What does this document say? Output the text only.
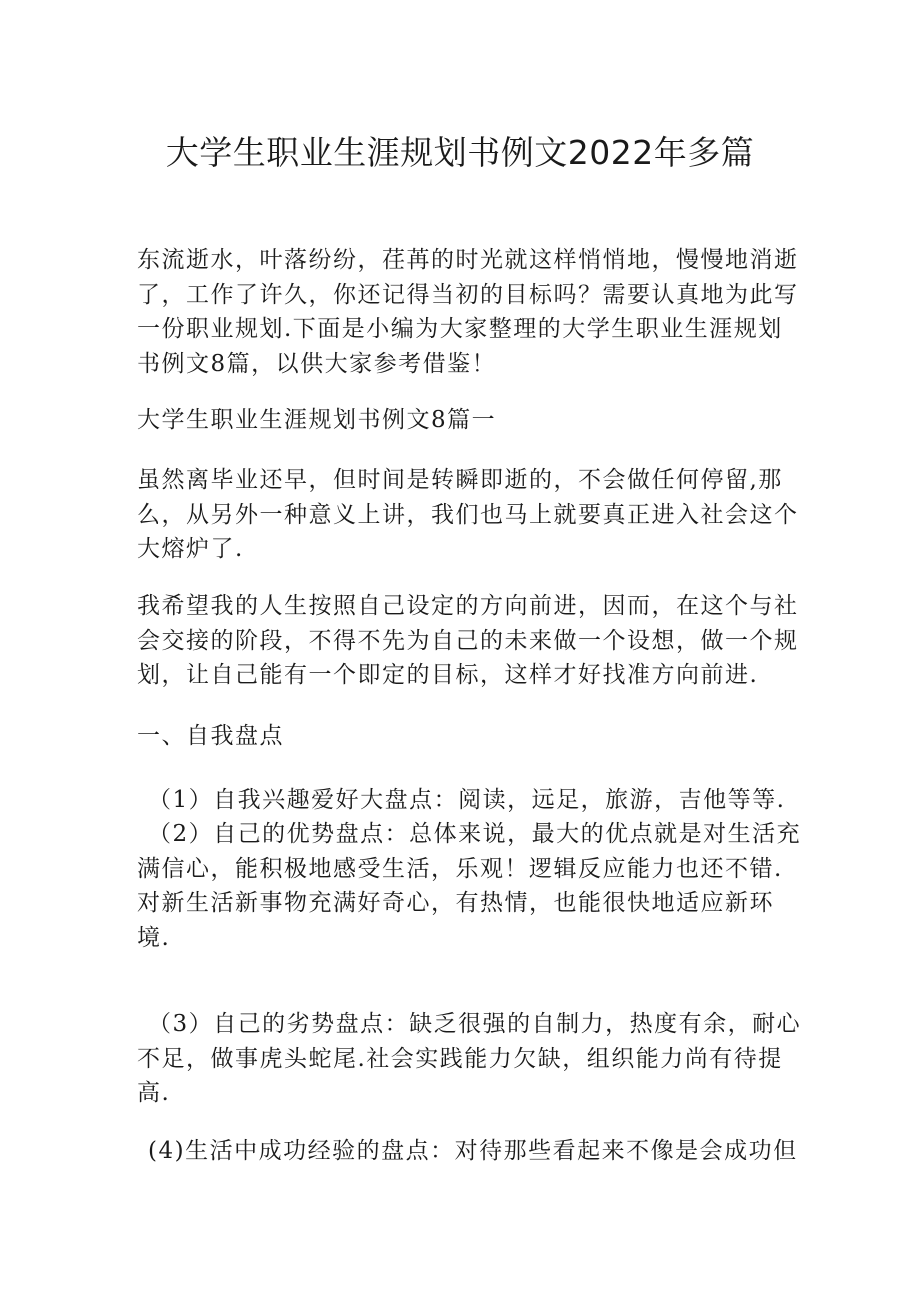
大学生职业生涯规划书例文2022年多篇

东流逝水，叶落纷纷，荏苒的时光就这样悄悄地，慢慢地消逝
了，工作了许久，你还记得当初的目标吗？需要认真地为此写
一份职业规划.下面是小编为大家整理的大学生职业生涯规划
书例文8篇，以供大家参考借鉴！

大学生职业生涯规划书例文8篇一

虽然离毕业还早，但时间是转瞬即逝的，不会做任何停留,那
么，从另外一种意义上讲，我们也马上就要真正进入社会这个
大熔炉了.

我希望我的人生按照自己设定的方向前进，因而，在这个与社
会交接的阶段，不得不先为自己的未来做一个设想，做一个规
划，让自己能有一个即定的目标，这样才好找准方向前进.

一、自我盘点

（1）自我兴趣爱好大盘点：阅读，远足，旅游，吉他等等.

（2）自己的优势盘点：总体来说，最大的优点就是对生活充
满信心，能积极地感受生活，乐观！逻辑反应能力也还不错.
对新生活新事物充满好奇心，有热情，也能很快地适应新环
境.

（3）自己的劣势盘点：缺乏很强的自制力，热度有余，耐心
不足，做事虎头蛇尾.社会实践能力欠缺，组织能力尚有待提
高.

(4)生活中成功经验的盘点：对待那些看起来不像是会成功但
